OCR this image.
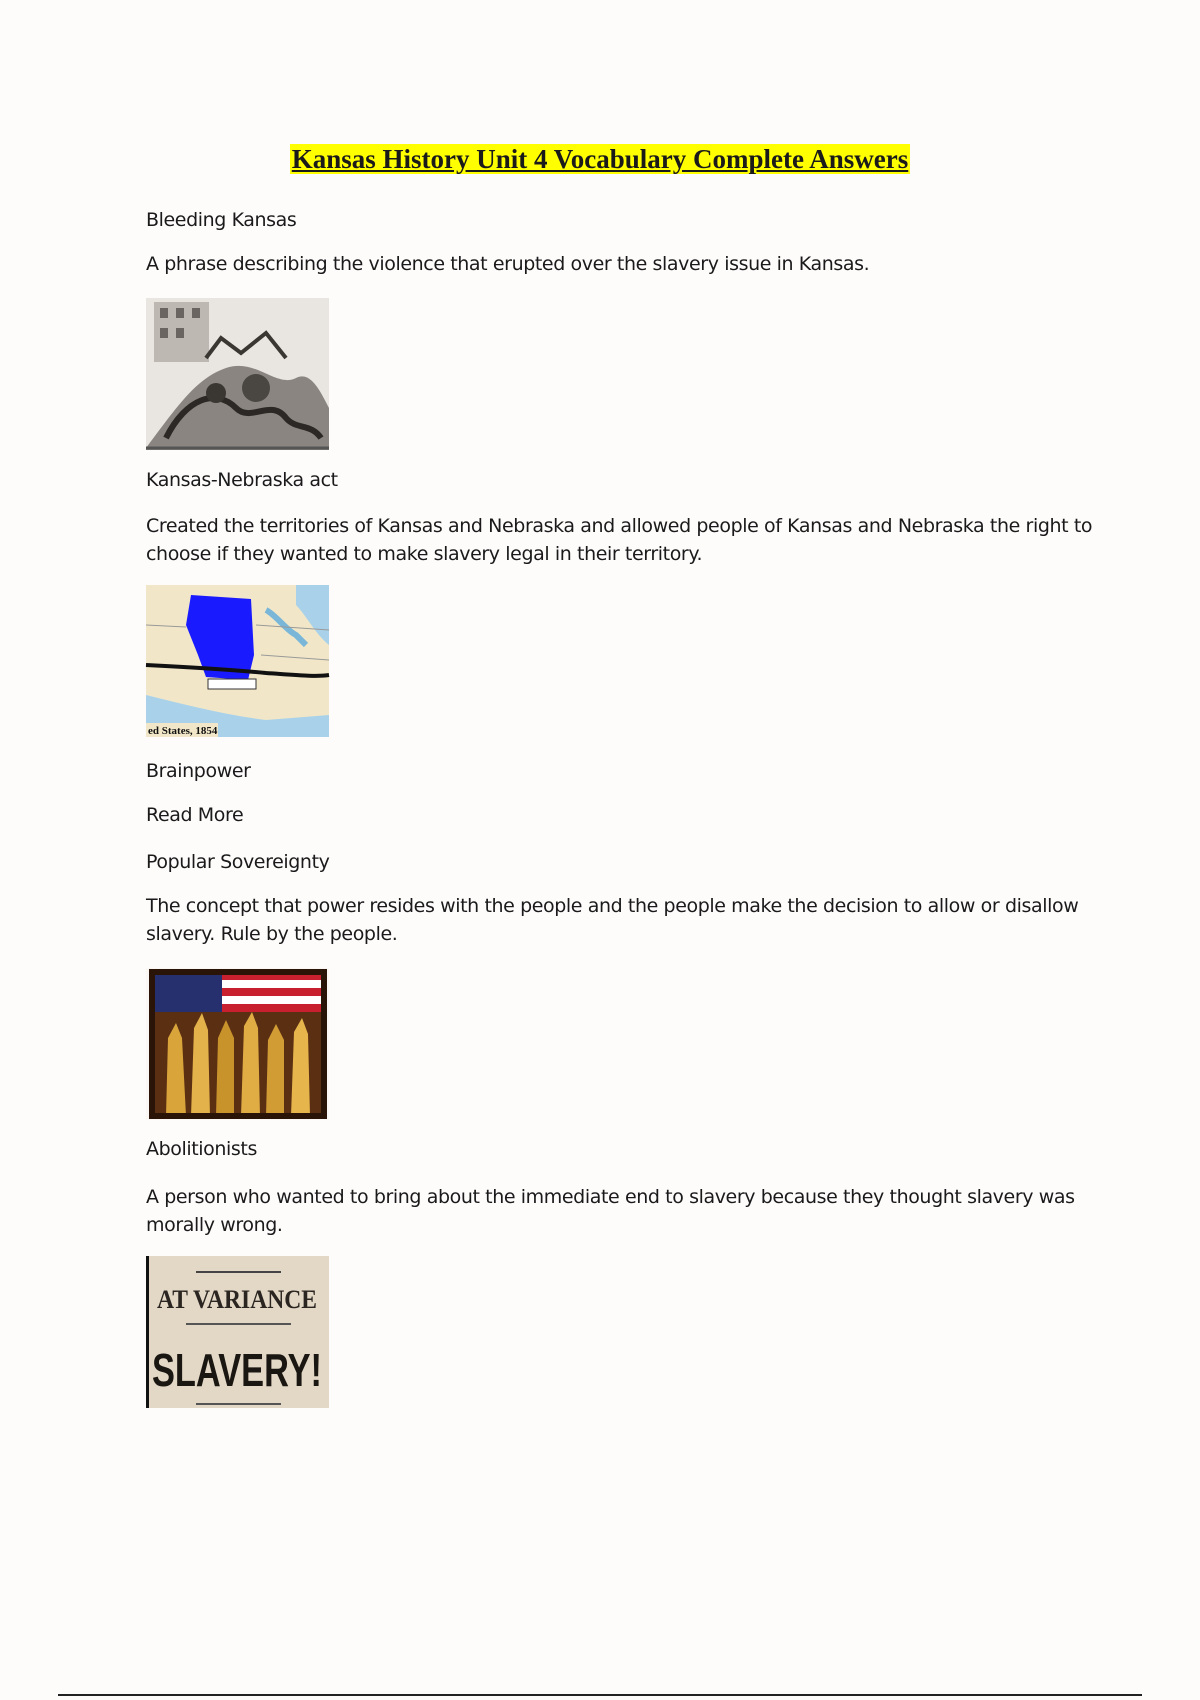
Kansas History Unit 4 Vocabulary Complete Answers

Bleeding Kansas

A phrase describing the violence that erupted over the slavery issue in Kansas.

Kansas-Nebraska act

Created the territories of Kansas and Nebraska and allowed people of Kansas and Nebraska the right to choose if they wanted to make slavery legal in their territory.

ed States, 1854

Brainpower

Read More

Popular Sovereignty

The concept that power resides with the people and the people make the decision to allow or disallow slavery. Rule by the people.

Abolitionists

A person who wanted to bring about the immediate end to slavery because they thought slavery was morally wrong.

AT VARIANCE
SLAVERY!
